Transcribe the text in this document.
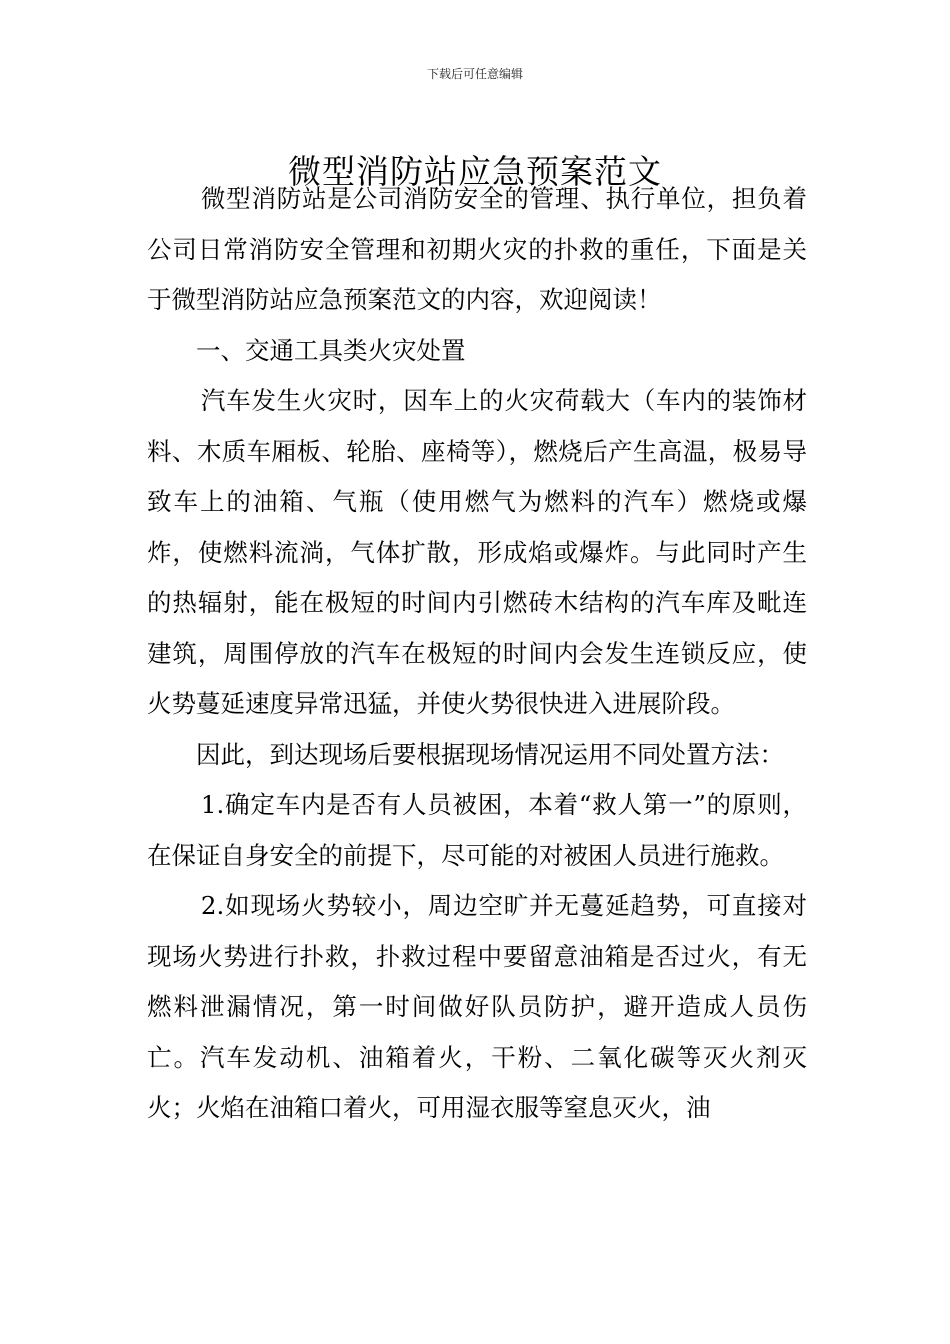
下载后可任意编辑
微型消防站应急预案范文

微型消防站是公司消防安全的管理、执行单位，担负着公司日常消防安全管理和初期火灾的扑救的重任，下面是关于微型消防站应急预案范文的内容，欢迎阅读！

一、交通工具类火灾处置

汽车发生火灾时，因车上的火灾荷载大（车内的装饰材料、木质车厢板、轮胎、座椅等），燃烧后产生高温，极易导致车上的油箱、气瓶（使用燃气为燃料的汽车）燃烧或爆炸，使燃料流淌，气体扩散，形成焰或爆炸。与此同时产生的热辐射，能在极短的时间内引燃砖木结构的汽车库及毗连建筑，周围停放的汽车在极短的时间内会发生连锁反应，使火势蔓延速度异常迅猛，并使火势很快进入进展阶段。

因此，到达现场后要根据现场情况运用不同处置方法：

1.确定车内是否有人员被困，本着“救人第一”的原则，在保证自身安全的前提下，尽可能的对被困人员进行施救。

2.如现场火势较小，周边空旷并无蔓延趋势，可直接对现场火势进行扑救，扑救过程中要留意油箱是否过火，有无燃料泄漏情况，第一时间做好队员防护，避开造成人员伤亡。汽车发动机、油箱着火，干粉、二氧化碳等灭火剂灭火；火焰在油箱口着火，可用湿衣服等窒息灭火，油
